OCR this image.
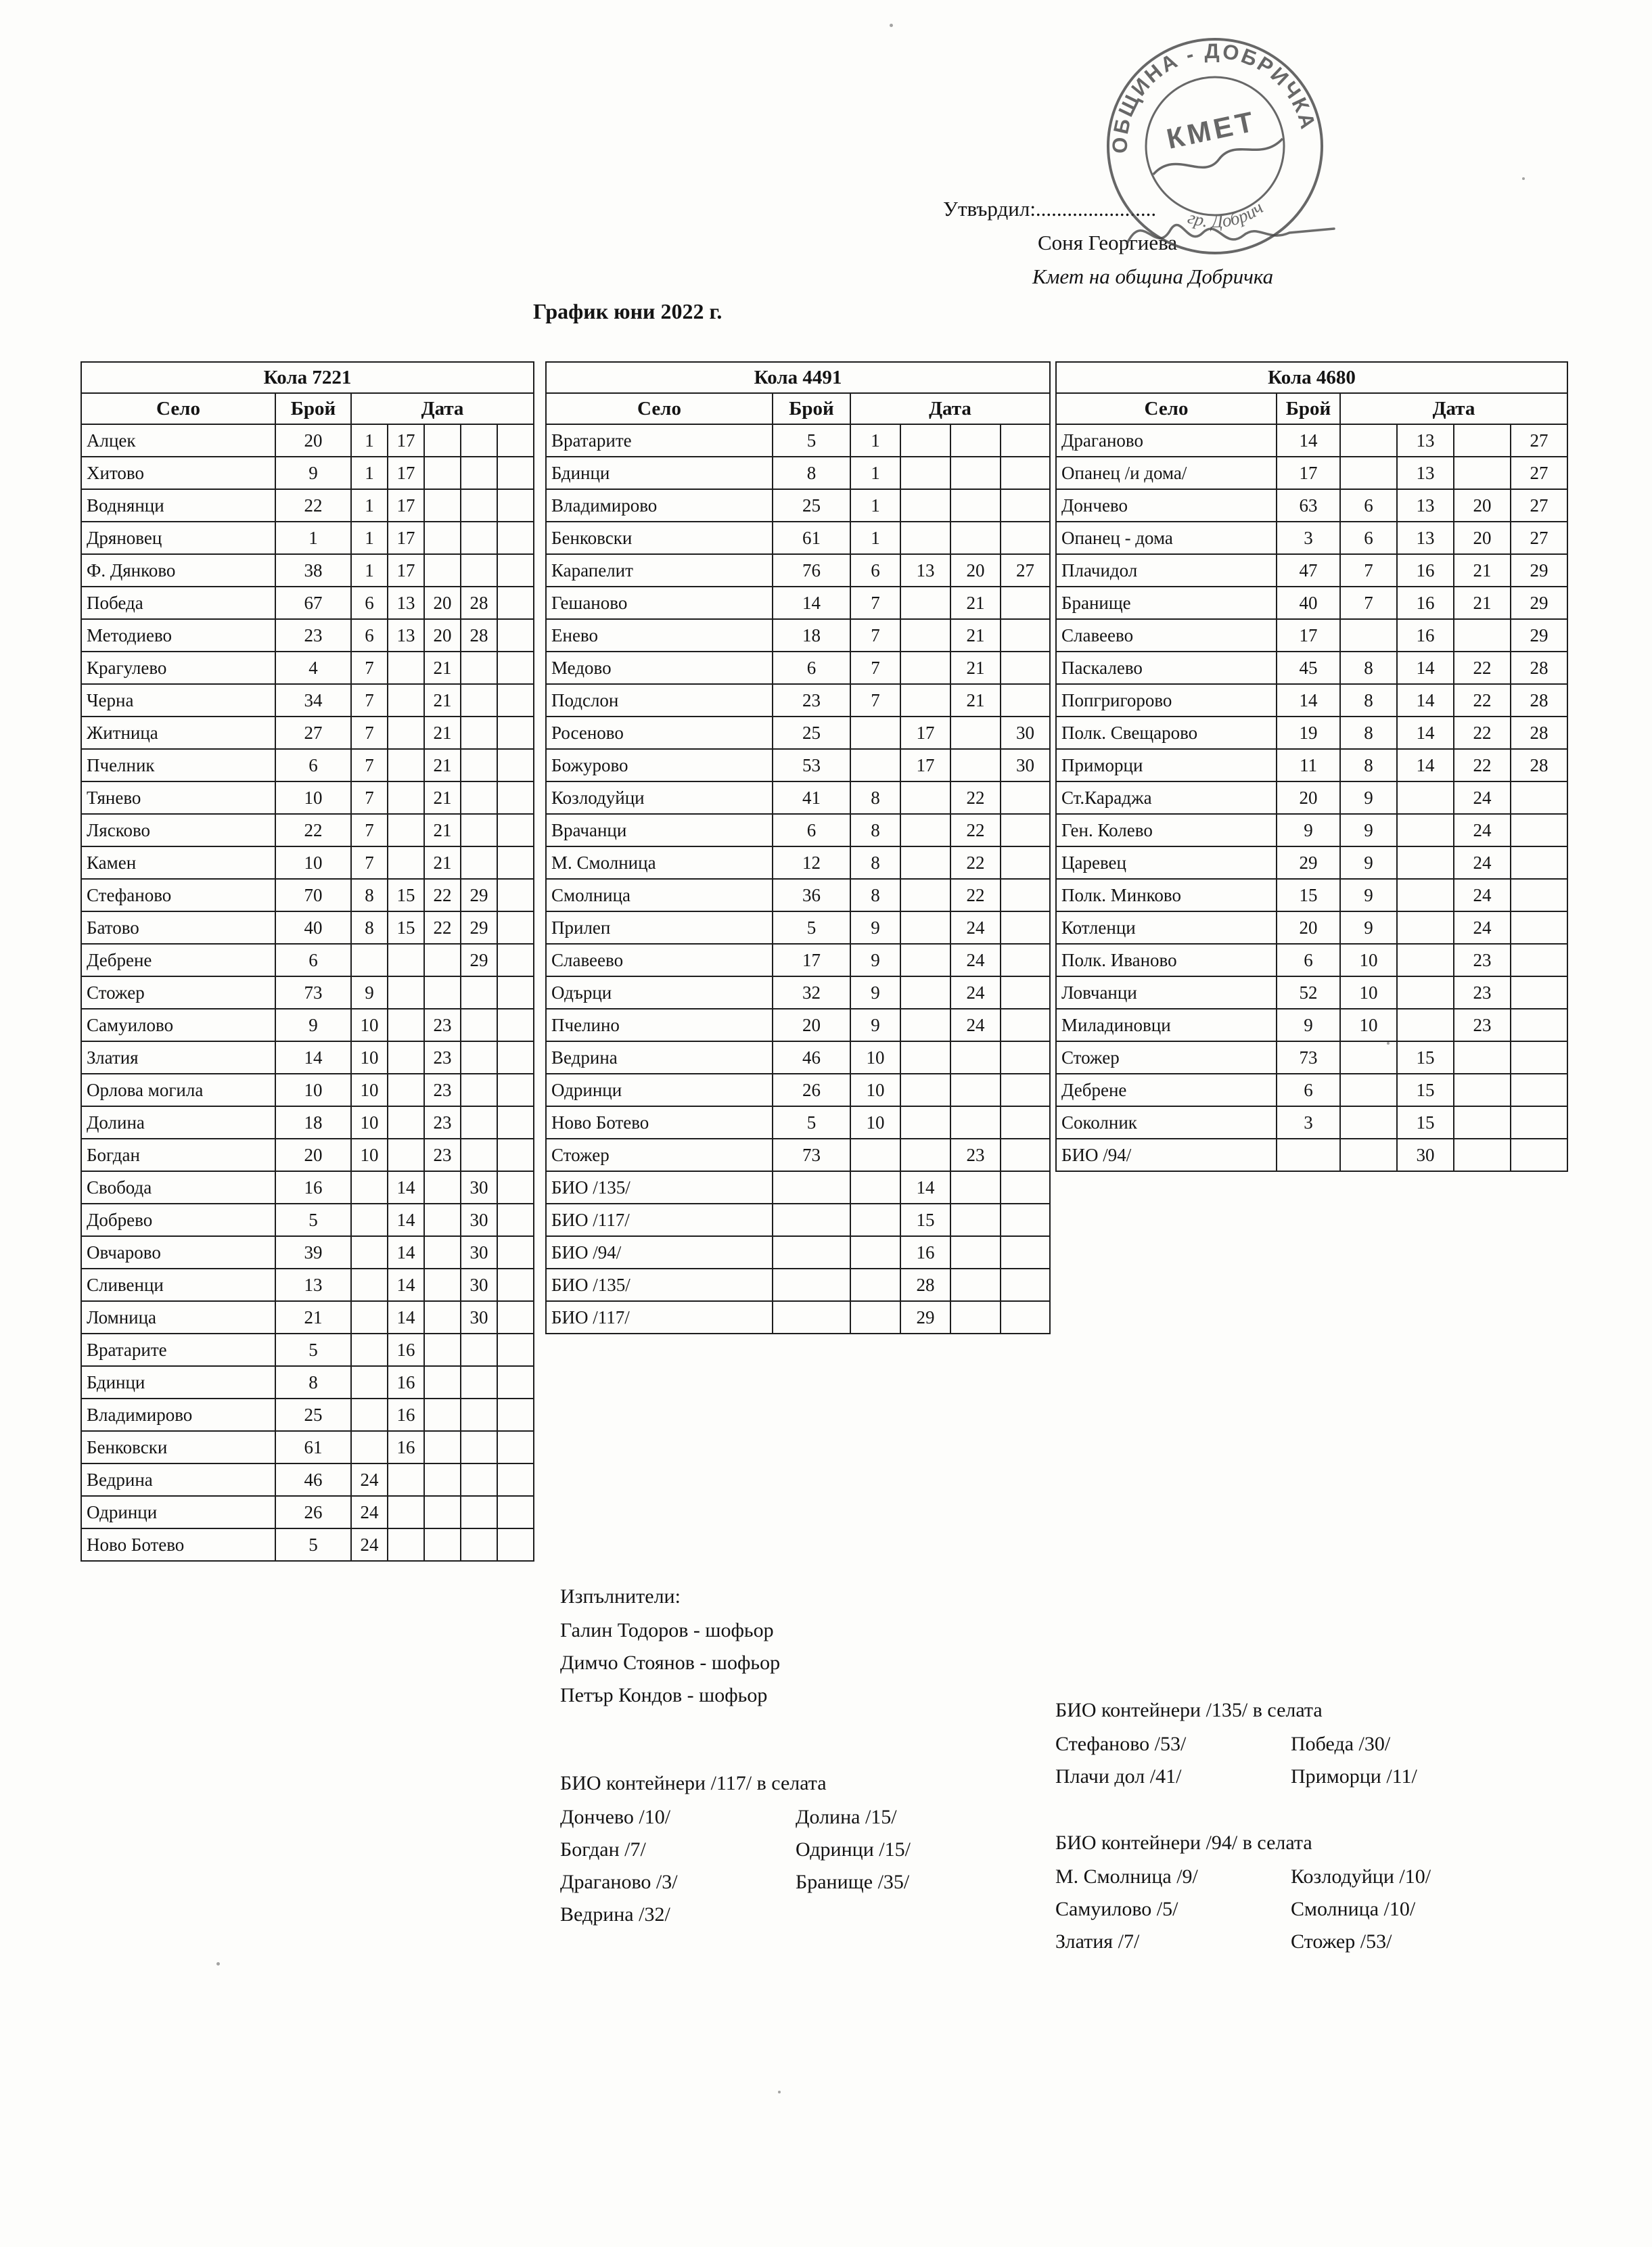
Утвърдил:.......................
Соня Георгиева
Кмет на община Добричка
ОБЩИНА - ДОБРИЧКА
гр. Добрич
КМЕТ
График юни 2022 г.
Кола 7221						
Село	Брой	Дата				
Алцек	20	1	17			
Хитово	9	1	17			
Воднянци	22	1	17			
Дряновец	1	1	17			
Ф. Дянково	38	1	17			
Победа	67	6	13	20	28	
Методиево	23	6	13	20	28	
Крагулево	4	7		21		
Черна	34	7		21		
Житница	27	7		21		
Пчелник	6	7		21		
Тянево	10	7		21		
Лясково	22	7		21		
Камен	10	7		21		
Стефаново	70	8	15	22	29	
Батово	40	8	15	22	29	
Дебрене	6				29	
Стожер	73	9				
Самуилово	9	10		23		
Златия	14	10		23		
Орлова могила	10	10		23		
Долина	18	10		23		
Богдан	20	10		23		
Свобода	16		14		30	
Добрево	5		14		30	
Овчарово	39		14		30	
Сливенци	13		14		30	
Ломница	21		14		30	
Вратарите	5		16			
Бдинци	8		16			
Владимирово	25		16			
Бенковски	61		16			
Ведрина	46	24				
Одринци	26	24				
Ново Ботево	5	24				
Кола 4491					
Село	Брой	Дата			
Вратарите	5	1			
Бдинци	8	1			
Владимирово	25	1			
Бенковски	61	1			
Карапелит	76	6	13	20	27
Гешаново	14	7		21	
Енево	18	7		21	
Медово	6	7		21	
Подслон	23	7		21	
Росеново	25		17		30
Божурово	53		17		30
Козлодуйци	41	8		22	
Врачанци	6	8		22	
М. Смолница	12	8		22	
Смолница	36	8		22	
Прилеп	5	9		24	
Славеево	17	9		24	
Одърци	32	9		24	
Пчелино	20	9		24	
Ведрина	46	10			
Одринци	26	10			
Ново Ботево	5	10			
Стожер	73			23	
БИО /135/			14		
БИО /117/			15		
БИО /94/			16		
БИО /135/			28		
БИО /117/			29		
Кола 4680					
Село	Брой	Дата			
Драганово	14		13		27
Опанец /и дома/	17		13		27
Дончево	63	6	13	20	27
Опанец - дома	3	6	13	20	27
Плачидол	47	7	16	21	29
Бранище	40	7	16	21	29
Славеево	17		16		29
Паскалево	45	8	14	22	28
Попгригорово	14	8	14	22	28
Полк. Свещарово	19	8	14	22	28
Приморци	11	8	14	22	28
Ст.Караджа	20	9		24	
Ген. Колево	9	9		24	
Царевец	29	9		24	
Полк. Минково	15	9		24	
Котленци	20	9		24	
Полк. Иваново	6	10		23	
Ловчанци	52	10		23	
Миладиновци	9	10		23	
Стожер	73		15		
Дебрене	6		15		
Соколник	3		15		
БИО /94/			30		
Изпълнители:
Галин Тодоров - шофьор
Димчо Стоянов - шофьор
Петър Кондов - шофьор
БИО контейнери /135/ в селата
Стефаново /53/	Победа /30/
Плачи дол /41/	Приморци /11/
БИО контейнери /117/ в селата
Дончево /10/	Долина /15/
Богдан /7/	Одринци /15/
Драганово /3/	Бранище /35/
Ведрина /32/
БИО контейнери /94/ в селата
М. Смолница /9/	Козлодуйци /10/
Самуилово /5/	Смолница /10/
Златия /7/	Стожер /53/
